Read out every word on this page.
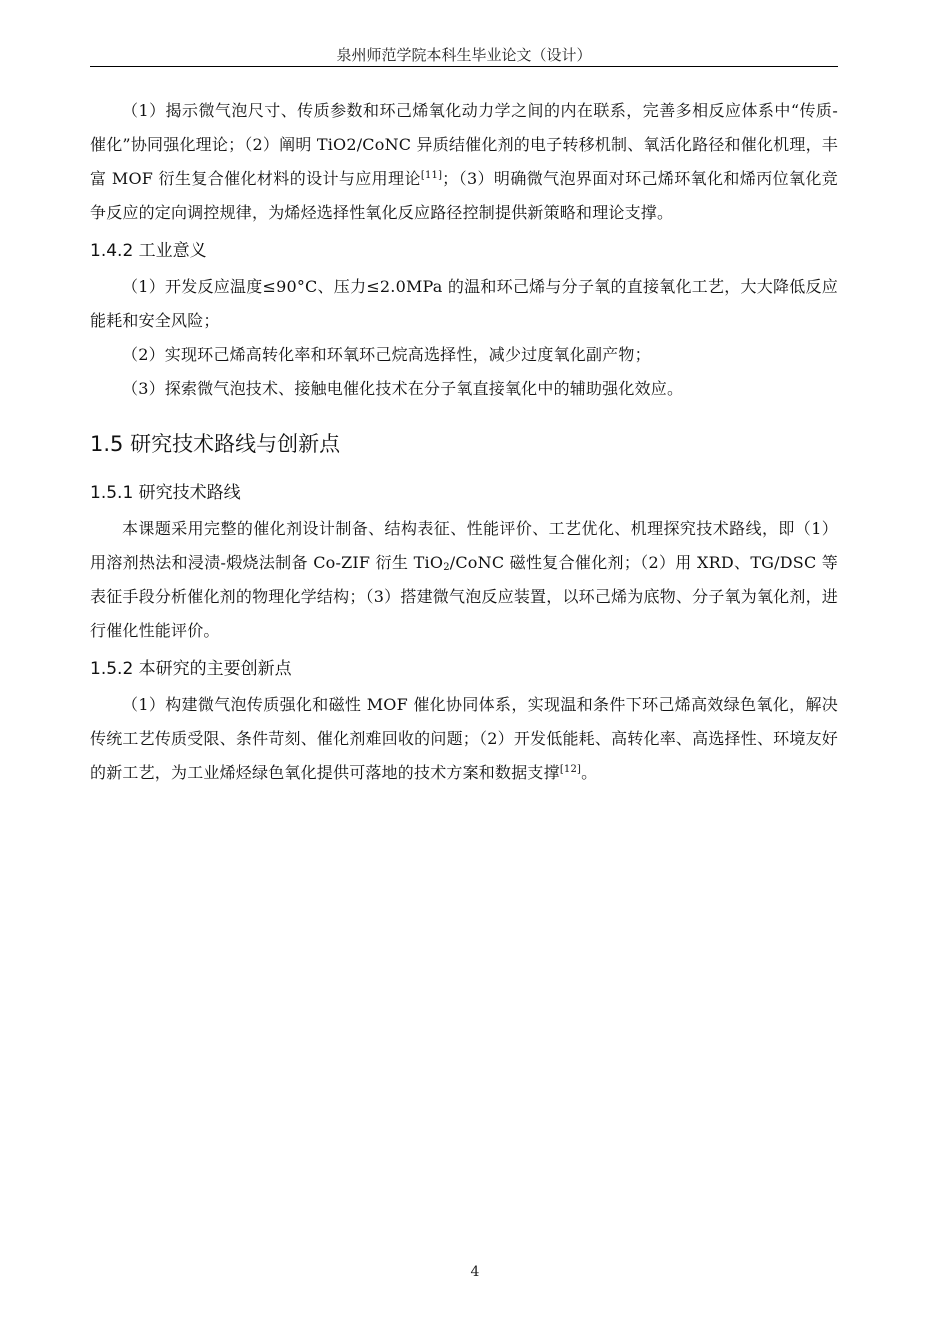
泉州师范学院本科生毕业论文（设计）

（1）揭示微气泡尺寸、传质参数和环己烯氧化动力学之间的内在联系，完善多相反应体系中“传质-催化”协同强化理论；（2）阐明 TiO2/CoNC 异质结催化剂的电子转移机制、氧活化路径和催化机理，丰富 MOF 衍生复合催化材料的设计与应用理论[11]；（3）明确微气泡界面对环己烯环氧化和烯丙位氧化竞争反应的定向调控规律，为烯烃选择性氧化反应路径控制提供新策略和理论支撑。

1.4.2 工业意义

（1）开发反应温度≤90°C、压力≤2.0MPa 的温和环己烯与分子氧的直接氧化工艺，大大降低反应能耗和安全风险；

（2）实现环己烯高转化率和环氧环己烷高选择性，减少过度氧化副产物；

（3）探索微气泡技术、接触电催化技术在分子氧直接氧化中的辅助强化效应。

1.5 研究技术路线与创新点
1.5.1 研究技术路线

本课题采用完整的催化剂设计制备、结构表征、性能评价、工艺优化、机理探究技术路线，即（1）用溶剂热法和浸渍-煅烧法制备 Co-ZIF 衍生 TiO$_2$/CoNC 磁性复合催化剂；（2）用 XRD、TG/DSC 等表征手段分析催化剂的物理化学结构；（3）搭建微气泡反应装置，以环己烯为底物、分子氧为氧化剂，进行催化性能评价。

1.5.2 本研究的主要创新点

（1）构建微气泡传质强化和磁性 MOF 催化协同体系，实现温和条件下环己烯高效绿色氧化，解决传统工艺传质受限、条件苛刻、催化剂难回收的问题；（2）开发低能耗、高转化率、高选择性、环境友好的新工艺，为工业烯烃绿色氧化提供可落地的技术方案和数据支撑[12]。

4
